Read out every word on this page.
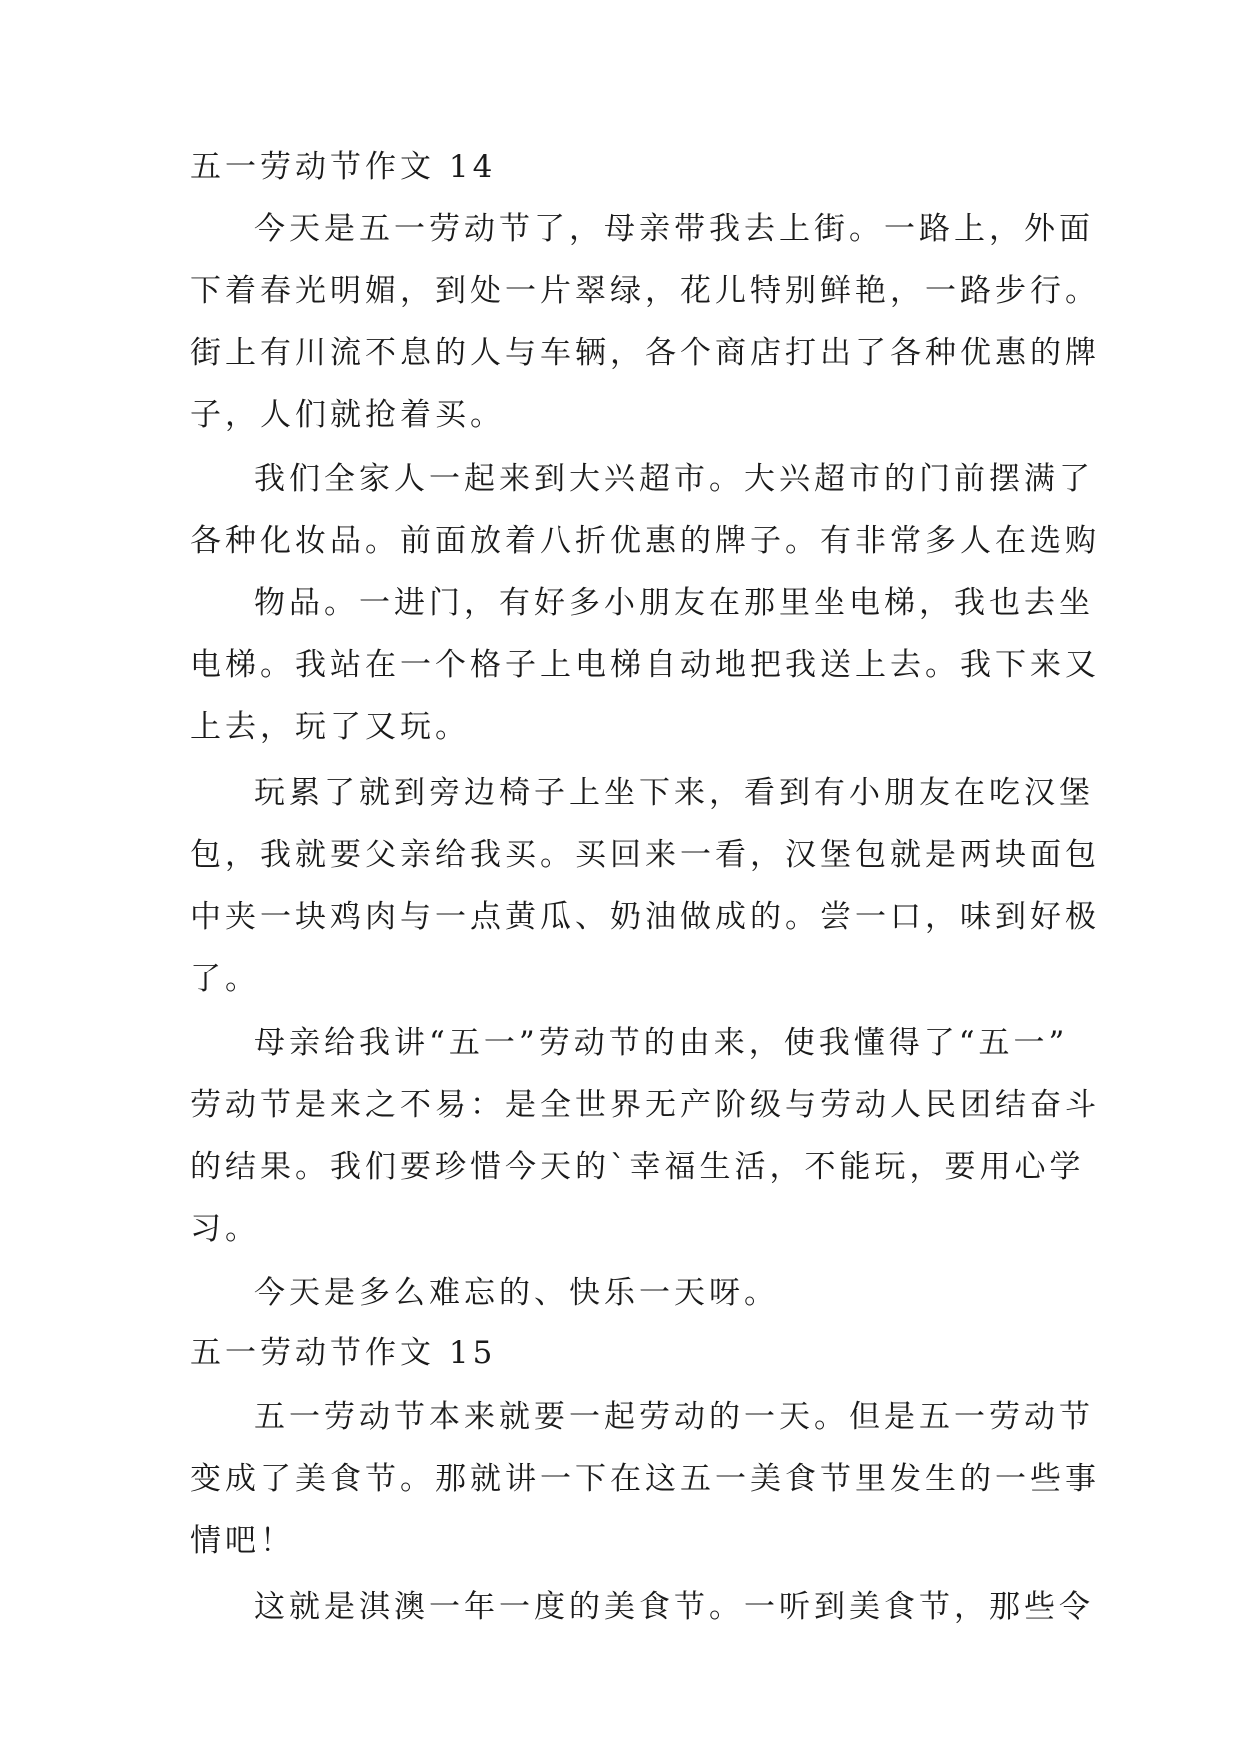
五一劳动节作文 14
今天是五一劳动节了，母亲带我去上街。一路上，外面
下着春光明媚，到处一片翠绿，花儿特别鲜艳，一路步行。
街上有川流不息的人与车辆，各个商店打出了各种优惠的牌
子，人们就抢着买。
我们全家人一起来到大兴超市。大兴超市的门前摆满了
各种化妆品。前面放着八折优惠的牌子。有非常多人在选购
物品。一进门，有好多小朋友在那里坐电梯，我也去坐
电梯。我站在一个格子上电梯自动地把我送上去。我下来又
上去，玩了又玩。
玩累了就到旁边椅子上坐下来，看到有小朋友在吃汉堡
包，我就要父亲给我买。买回来一看，汉堡包就是两块面包
中夹一块鸡肉与一点黄瓜、奶油做成的。尝一口，味到好极
了。
母亲给我讲“五一”劳动节的由来，使我懂得了“五一”
劳动节是来之不易：是全世界无产阶级与劳动人民团结奋斗
的结果。我们要珍惜今天的`幸福生活，不能玩，要用心学
习。
今天是多么难忘的、快乐一天呀。
五一劳动节作文 15
五一劳动节本来就要一起劳动的一天。但是五一劳动节
变成了美食节。那就讲一下在这五一美食节里发生的一些事
情吧！
这就是淇澳一年一度的美食节。一听到美食节，那些令
